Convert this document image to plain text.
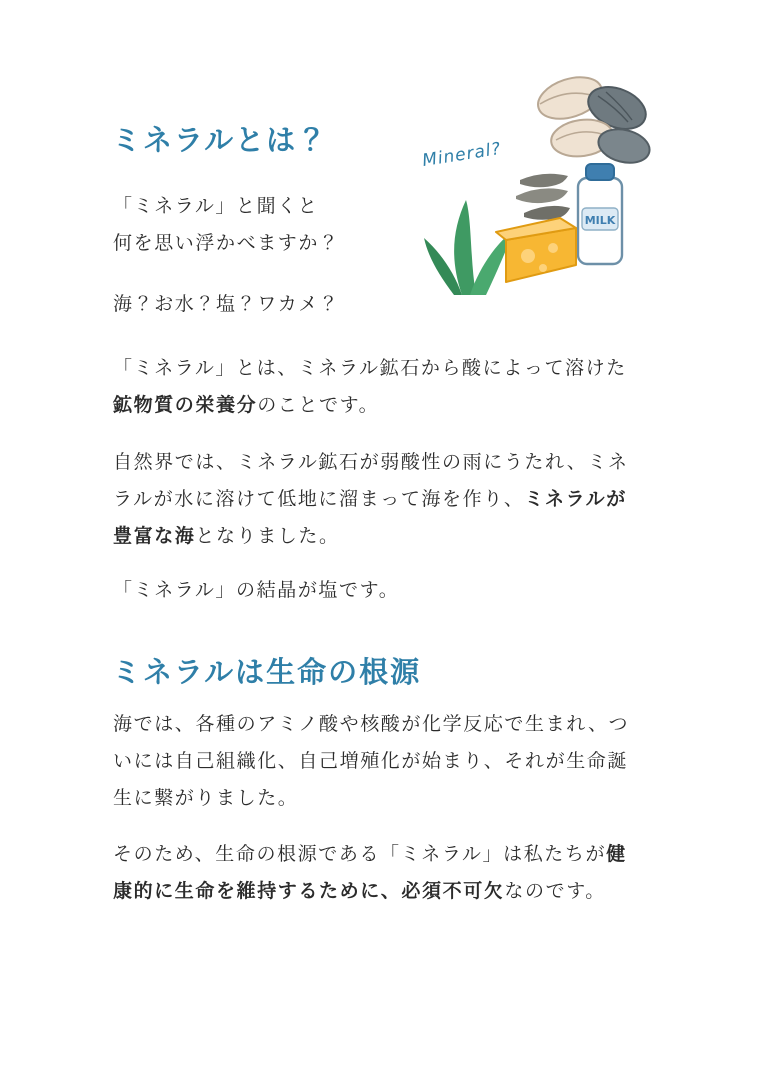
MILK
Mineral?
ミネラルとは？

「ミネラル」と聞くと
何を思い浮かべますか？

海？お水？塩？ワカメ？

「ミネラル」とは、ミネラル鉱石から酸によって溶けた鉱物質の栄養分のことです。

自然界では、ミネラル鉱石が弱酸性の雨にうたれ、ミネラルが水に溶けて低地に溜まって海を作り、ミネラルが豊富な海となりました。

「ミネラル」の結晶が塩です。

ミネラルは生命の根源

海では、各種のアミノ酸や核酸が化学反応で生まれ、ついには自己組織化、自己増殖化が始まり、それが生命誕生に繋がりました。

そのため、生命の根源である「ミネラル」は私たちが健康的に生命を維持するために、必須不可欠なのです。
